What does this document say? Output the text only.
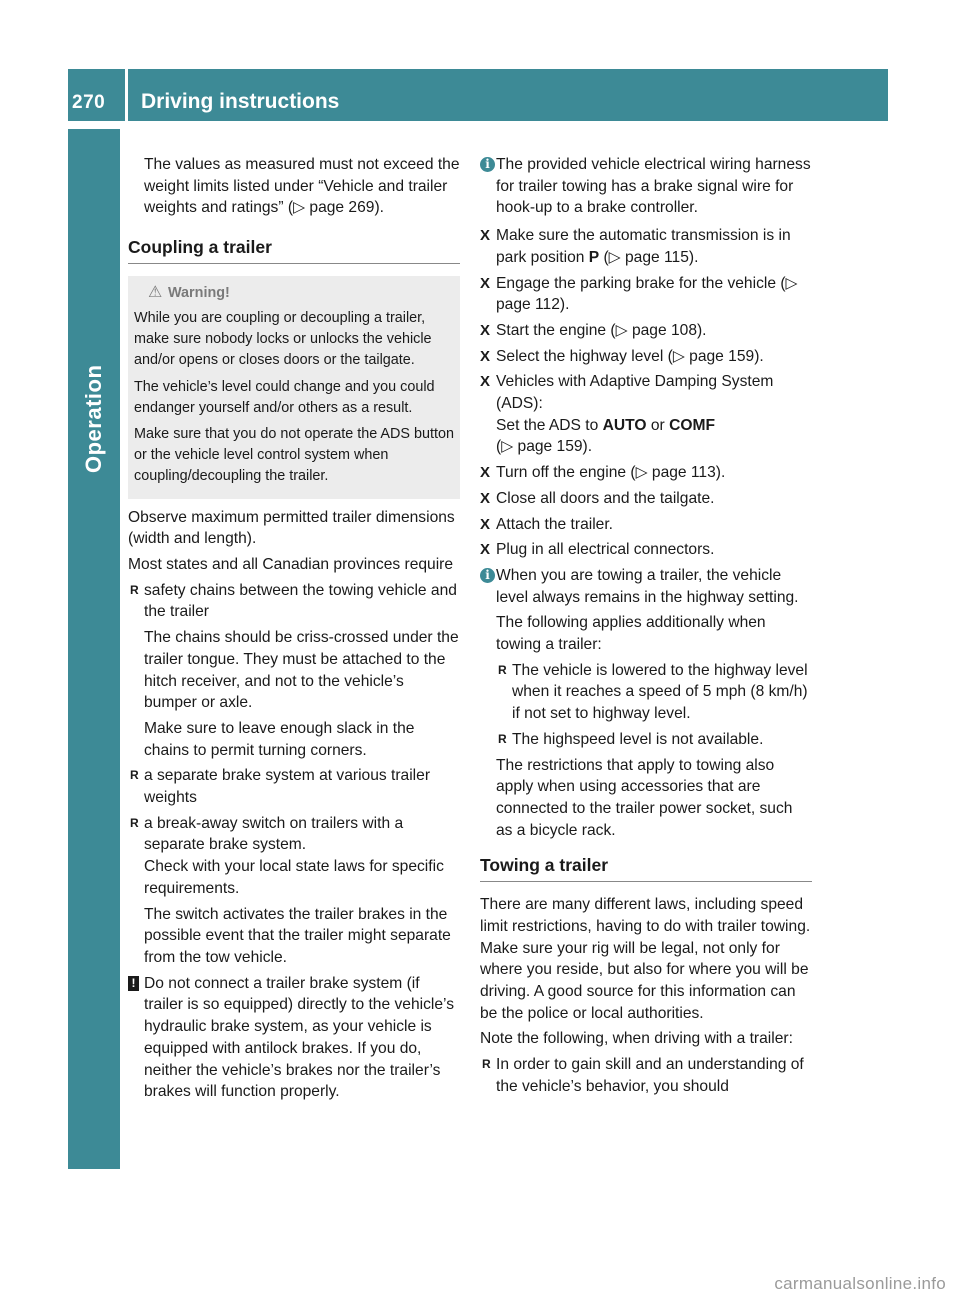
270	Driving instructions
Operation

The values as measured must not exceed the weight limits listed under “Vehicle and trailer weights and ratings” (▷ page 269).

Coupling a trailer
⚠ Warning!

While you are coupling or decoupling a trailer, make sure nobody locks or unlocks the vehicle and/or opens or closes doors or the tailgate.

The vehicle’s level could change and you could endanger yourself and/or others as a result.

Make sure that you do not operate the ADS button or the vehicle level control system when coupling/decoupling the trailer.

Observe maximum permitted trailer dimensions (width and length).

Most states and all Canadian provinces require

R safety chains between the towing vehicle and the trailer

The chains should be criss-crossed under the trailer tongue. They must be attached to the hitch receiver, and not to the vehicle’s bumper or axle.

Make sure to leave enough slack in the chains to permit turning corners.

R a separate brake system at various trailer weights

R a break-away switch on trailers with a separate brake system.

Check with your local state laws for specific requirements.

The switch activates the trailer brakes in the possible event that the trailer might separate from the tow vehicle.

! Do not connect a trailer brake system (if trailer is so equipped) directly to the vehicle’s hydraulic brake system, as your vehicle is equipped with antilock brakes. If you do, neither the vehicle’s brakes nor the trailer’s brakes will function properly.

i The provided vehicle electrical wiring harness for trailer towing has a brake signal wire for hook-up to a brake controller.

X Make sure the automatic transmission is in park position P (▷ page 115).

X Engage the parking brake for the vehicle (▷ page 112).

X Start the engine (▷ page 108).

X Select the highway level (▷ page 159).

X Vehicles with Adaptive Damping System (ADS):

Set the ADS to AUTO or COMF

(▷ page 159).

X Turn off the engine (▷ page 113).

X Close all doors and the tailgate.

X Attach the trailer.

X Plug in all electrical connectors.

i When you are towing a trailer, the vehicle level always remains in the highway setting.

The following applies additionally when towing a trailer:

R The vehicle is lowered to the highway level when it reaches a speed of 5 mph (8 km/h) if not set to highway level.

R The highspeed level is not available.

The restrictions that apply to towing also apply when using accessories that are connected to the trailer power socket, such as a bicycle rack.

Towing a trailer

There are many different laws, including speed limit restrictions, having to do with trailer towing. Make sure your rig will be legal, not only for where you reside, but also for where you will be driving. A good source for this information can be the police or local authorities.

Note the following, when driving with a trailer:

R In order to gain skill and an understanding of the vehicle’s behavior, you should

carmanualsonline.info
